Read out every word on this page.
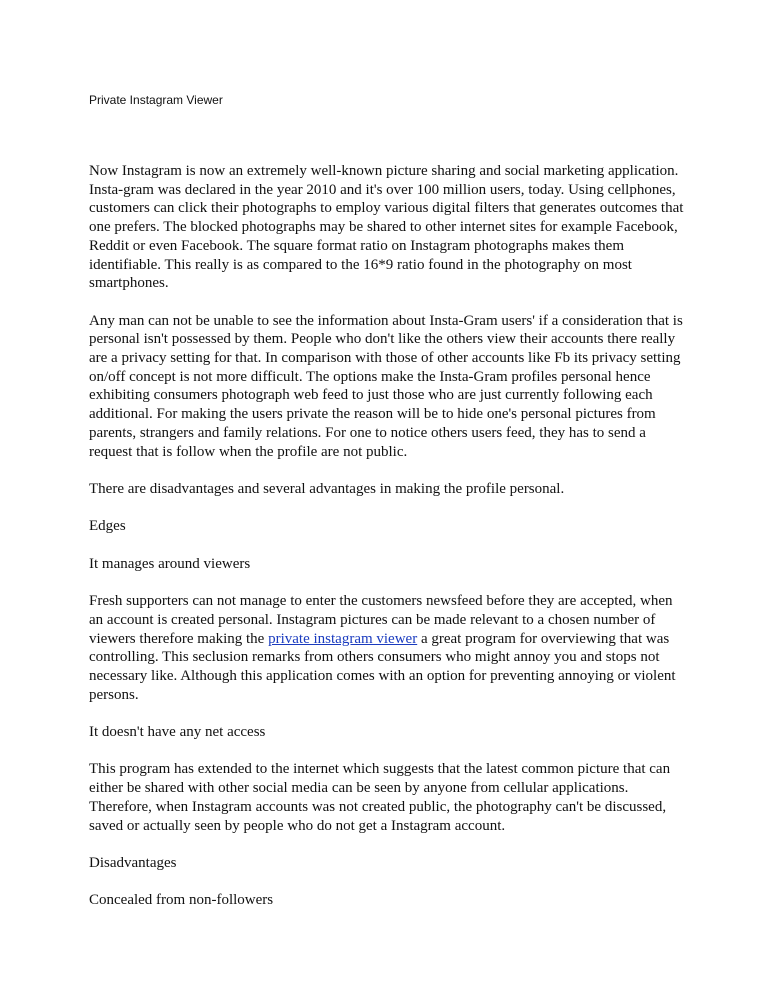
Private Instagram Viewer

Now Instagram is now an extremely well-known picture sharing and social marketing application. Insta-gram was declared in the year 2010 and it's over 100 million users, today. Using cellphones, customers can click their photographs to employ various digital filters that generates outcomes that one prefers. The blocked photographs may be shared to other internet sites for example Facebook, Reddit or even Facebook. The square format ratio on Instagram photographs makes them identifiable. This really is as compared to the 16*9 ratio found in the photography on most smartphones.

Any man can not be unable to see the information about Insta-Gram users' if a consideration that is personal isn't possessed by them. People who don't like the others view their accounts there really are a privacy setting for that. In comparison with those of other accounts like Fb its privacy setting on/off concept is not more difficult. The options make the Insta-Gram profiles personal hence exhibiting consumers photograph web feed to just those who are just currently following each additional. For making the users private the reason will be to hide one's personal pictures from parents, strangers and family relations. For one to notice others users feed, they has to send a request that is follow when the profile are not public.

There are disadvantages and several advantages in making the profile personal.

Edges

It manages around viewers

Fresh supporters can not manage to enter the customers newsfeed before they are accepted, when an account is created personal. Instagram pictures can be made relevant to a chosen number of viewers therefore making the private instagram viewer a great program for overviewing that was controlling. This seclusion remarks from others consumers who might annoy you and stops not necessary like. Although this application comes with an option for preventing annoying or violent persons.

It doesn't have any net access

This program has extended to the internet which suggests that the latest common picture that can either be shared with other social media can be seen by anyone from cellular applications. Therefore, when Instagram accounts was not created public, the photography can't be discussed, saved or actually seen by people who do not get a Instagram account.

Disadvantages

Concealed from non-followers
